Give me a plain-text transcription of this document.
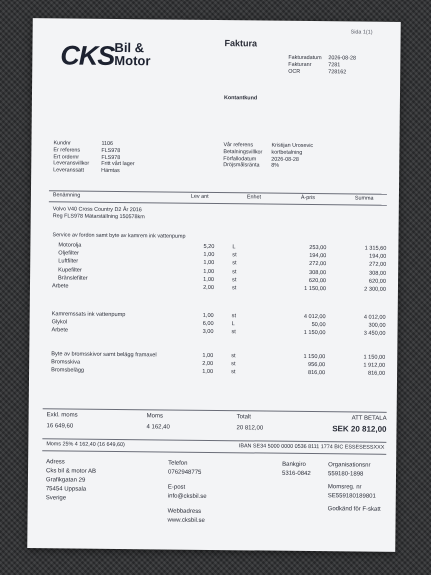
Sida 1(1)
CKS Bil &
Motor
Faktura
Fakturadatum 2026-08-28
Fakturanr	7281
OCR	728162
Kontantkund
Kundnr	1106
Er referens	FLS978
Ert ordernr	FLS978
Leveransvillkor Fritt vårt lager
Leveranssätt	Hämtas
Vår referens	Kristijan Urosevic
Betalningsvillkor kortbetalning
Förfallodatum	2026-08-28
Dröjsmålsränta 8%
Benämning	Lev ant	Enhet	À-pris	Summa
Volvo V40 Cross Country D2 År 2016
Reg FLS978 Mätarställning 150578km
Service av fordon samt byte av kamrem ink vattenpump
Motorolja	5,20	L	253,00	1 315,60
Oljefilter	1,00	st	194,00	194,00
Luftfilter	1,00	st	272,00	272,00
Kupefilter	1,00	st	308,00	308,00
Bränslefilter	1,00	st	620,00	620,00
Arbete	2,00	st	1 150,00	2 300,00
Kamremssats ink vattenpump	1,00	st	4 012,00	4 012,00
Glykol	6,00	L	50,00	300,00
Arbete	3,00	st	1 150,00	3 450,00
Byte av bromsskivor samt belägg framaxel	1,00	st	1 150,00	1 150,00
Bromsskiva	2,00	st	956,00	1 912,00
Bromsbelägg	1,00	st	816,00	816,00
Exkl. moms
16 649,60
Moms
4 162,40
Totalt
20 812,00
ATT BETALA
SEK 20 812,00
Moms 25% 4 162,40 (16 649,60)	IBAN SE34 5000 0000 0536 8111 1774 BIC ESSESESSXXX
Adress
Cks bil & motor AB
Grafikgatan 29
75454 Uppsala
Sverige
Telefon
0762948775
E-post
info@cksbil.se
Webbadress
www.cksbil.se
Bankgiro
5316-0842
Organisationsnr
559180-1898
Momsreg. nr
SE559180189801
Godkänd för F-skatt
